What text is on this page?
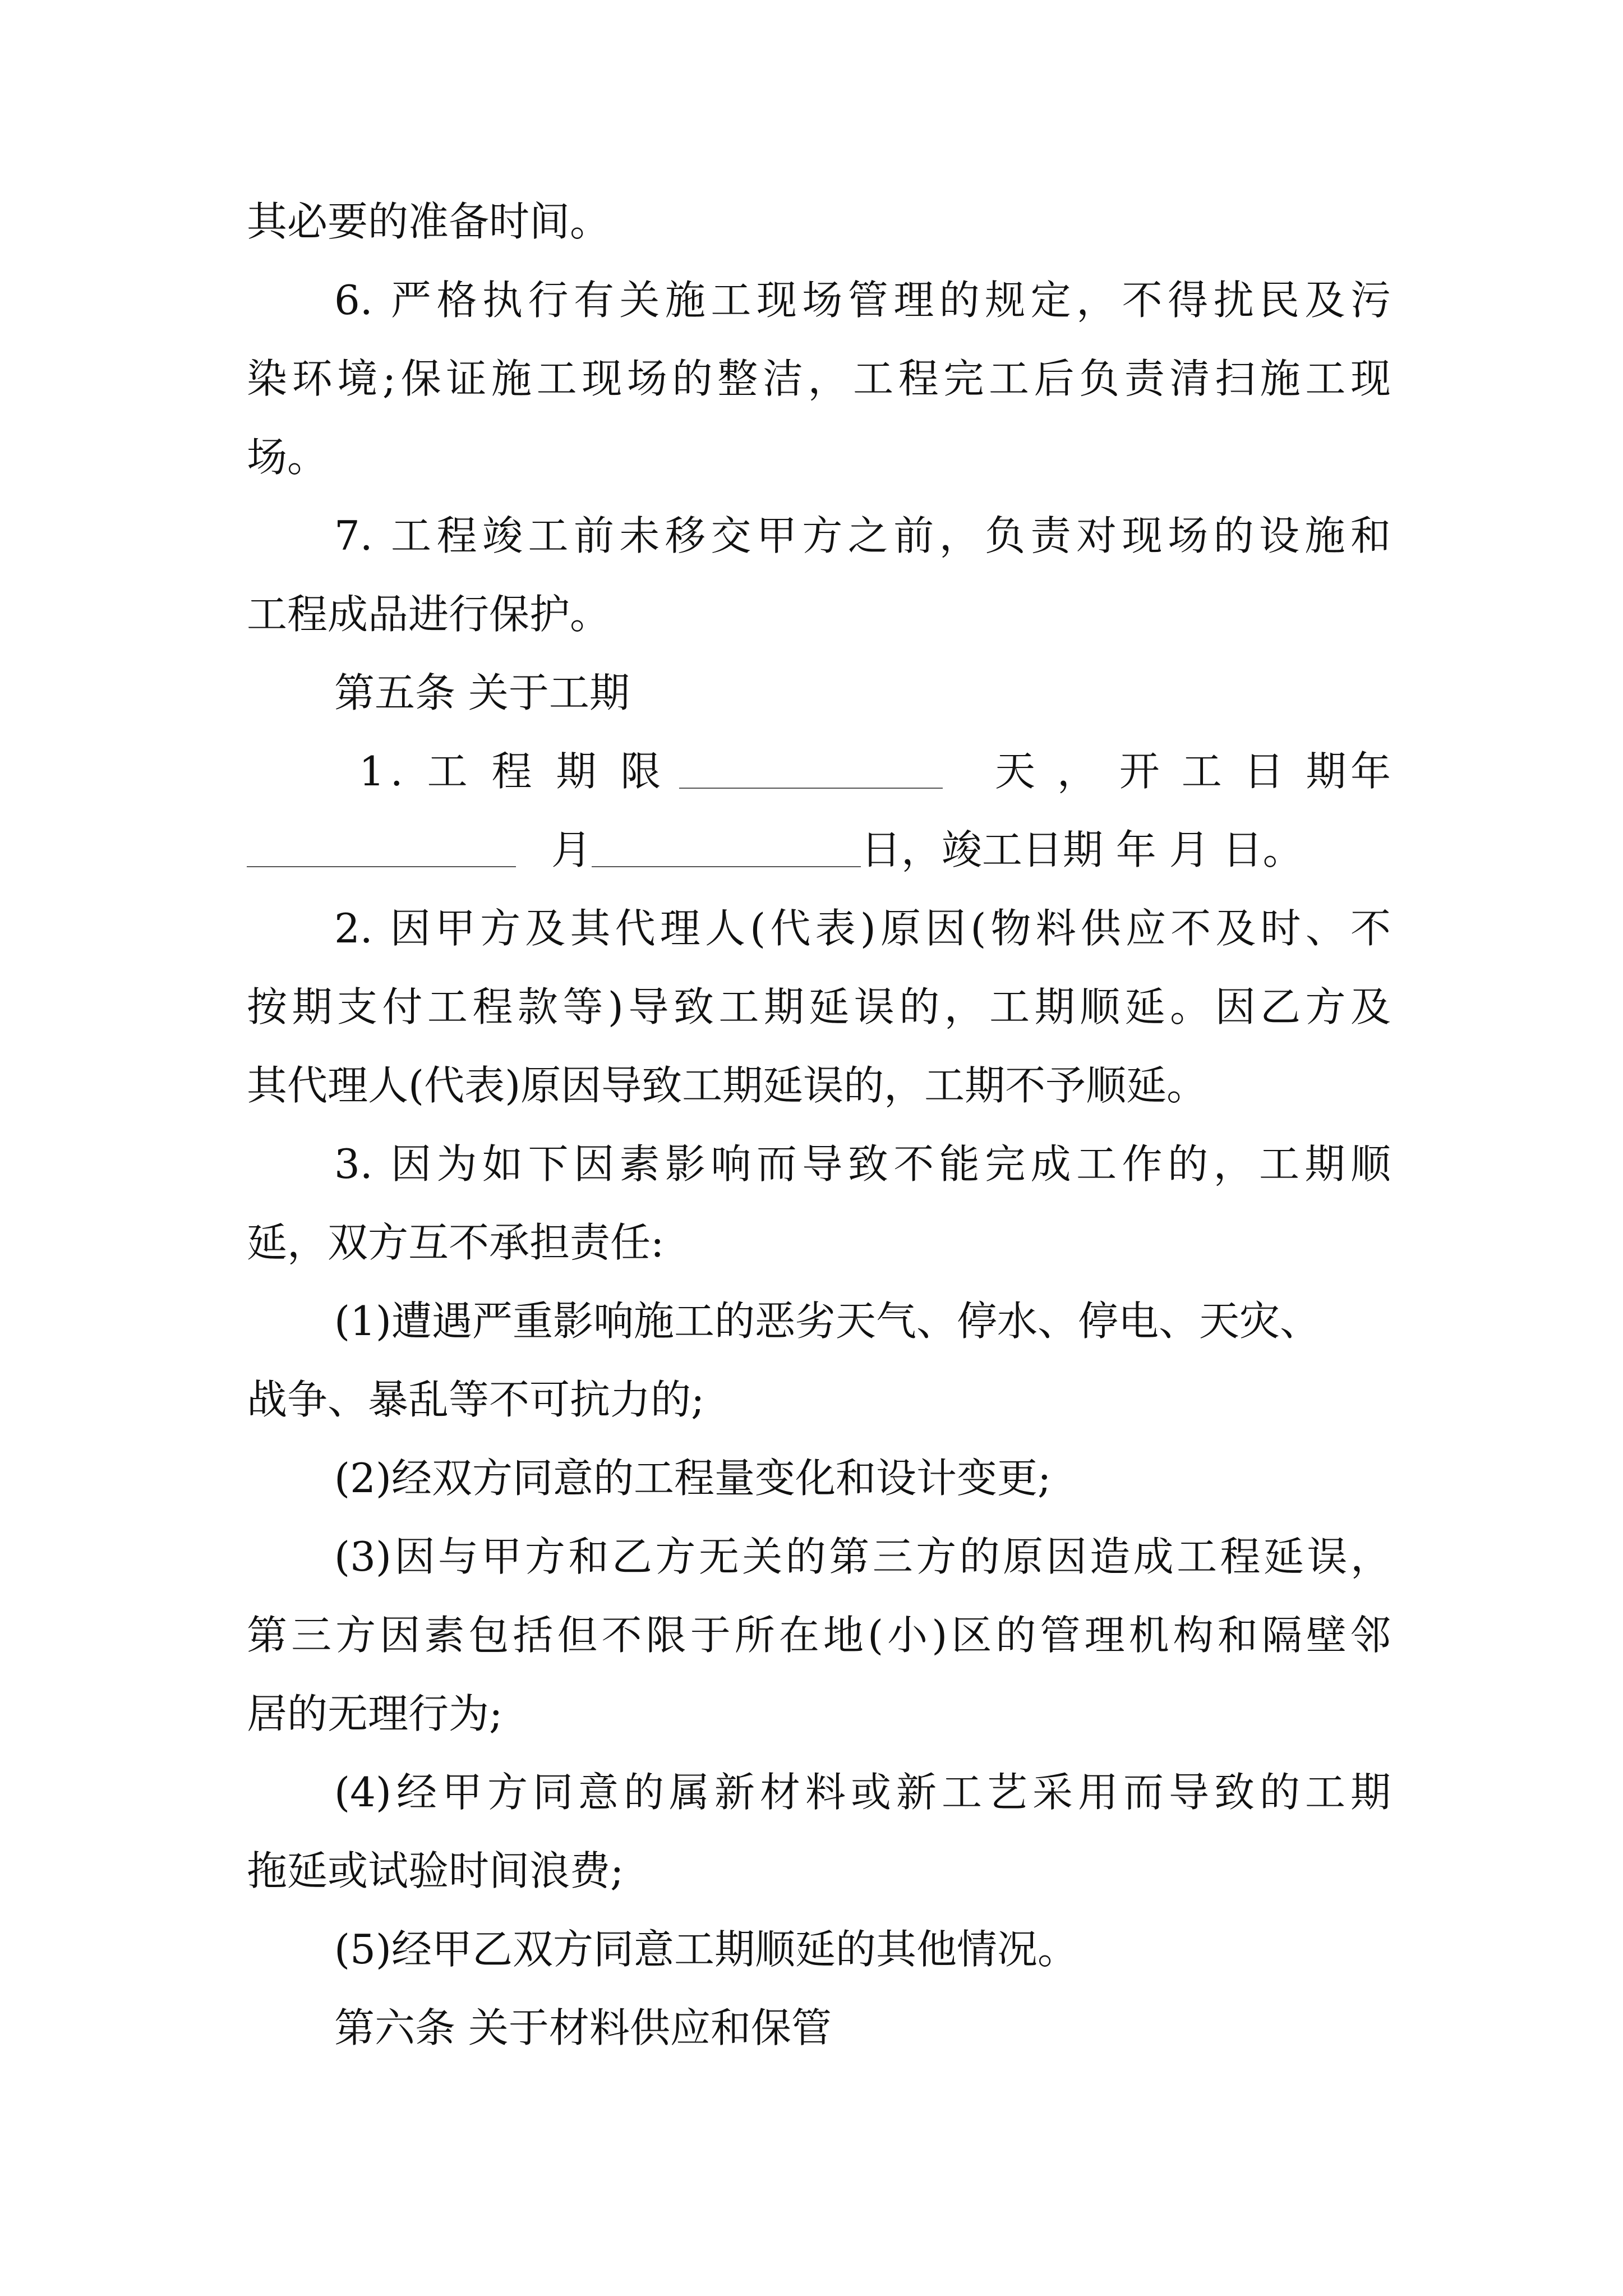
其必要的准备时间。
6. 严格执行有关施工现场管理的规定，不得扰民及污
染环境;保证施工现场的整洁，工程完工后负责清扫施工现
场。
7. 工程竣工前未移交甲方之前，负责对现场的设施和
工程成品进行保护。
第五条 关于工期
1. 工 程 期 限	天 ， 开 工 日 期 年
月	日，竣工日期 年 月 日。
2. 因甲方及其代理人(代表)原因(物料供应不及时、不
按期支付工程款等)导致工期延误的，工期顺延。因乙方及
其代理人(代表)原因导致工期延误的，工期不予顺延。
3. 因为如下因素影响而导致不能完成工作的，工期顺
延，双方互不承担责任:
(1)遭遇严重影响施工的恶劣天气、停水、停电、天灾、
战争、暴乱等不可抗力的;
(2)经双方同意的工程量变化和设计变更;
(3)因与甲方和乙方无关的第三方的原因造成工程延误，
第三方因素包括但不限于所在地(小)区的管理机构和隔壁邻
居的无理行为;
(4)经甲方同意的属新材料或新工艺采用而导致的工期
拖延或试验时间浪费;
(5)经甲乙双方同意工期顺延的其他情况。
第六条 关于材料供应和保管
